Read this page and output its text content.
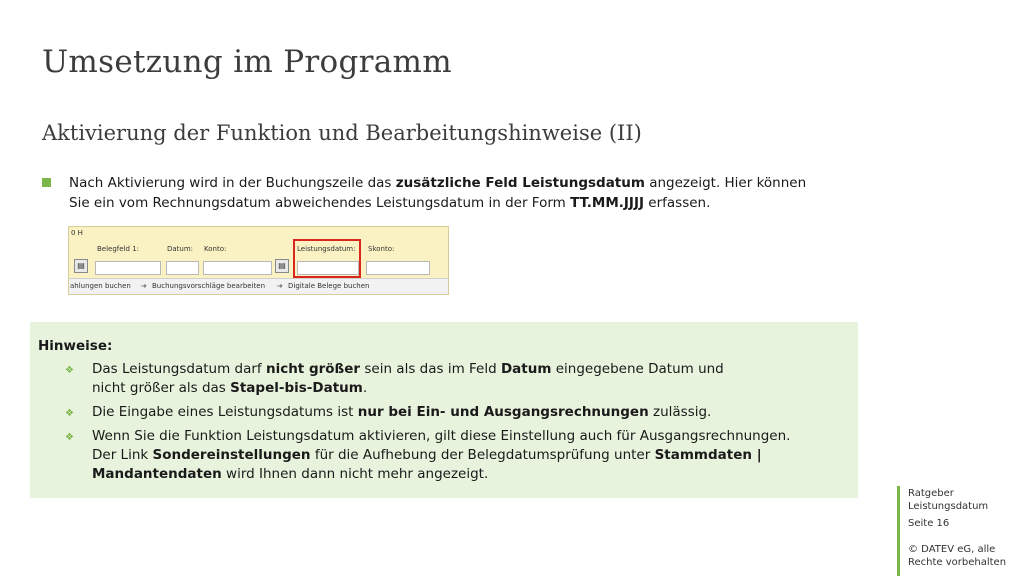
Umsetzung im Programm
Aktivierung der Funktion und Bearbeitungshinweise (II)
Nach Aktivierung wird in der Buchungszeile das zusätzliche Feld Leistungsdatum angezeigt. Hier können Sie ein vom Rechnungsdatum abweichendes Leistungsdatum in der Form TT.MM.JJJJ erfassen.
0 H
Belegfeld 1:	Datum: Konto:	Leistungsdatum: Skonto:
▤	▤
ahlungen buchen ➜ Buchungsvorschläge bearbeiten ➜ Digitale Belege buchen
Hinweise:
❖ Das Leistungsdatum darf nicht größer sein als das im Feld Datum eingegebene Datum und
nicht größer als das Stapel-bis-Datum.
❖ Die Eingabe eines Leistungsdatums ist nur bei Ein- und Ausgangsrechnungen zulässig.
❖ Wenn Sie die Funktion Leistungsdatum aktivieren, gilt diese Einstellung auch für Ausgangsrechnungen.
Der Link Sondereinstellungen für die Aufhebung der Belegdatumsprüfung unter Stammdaten |
Mandantendaten wird Ihnen dann nicht mehr angezeigt.
Ratgeber
Leistungsdatum
Seite 16
© DATEV eG, alle
Rechte vorbehalten
